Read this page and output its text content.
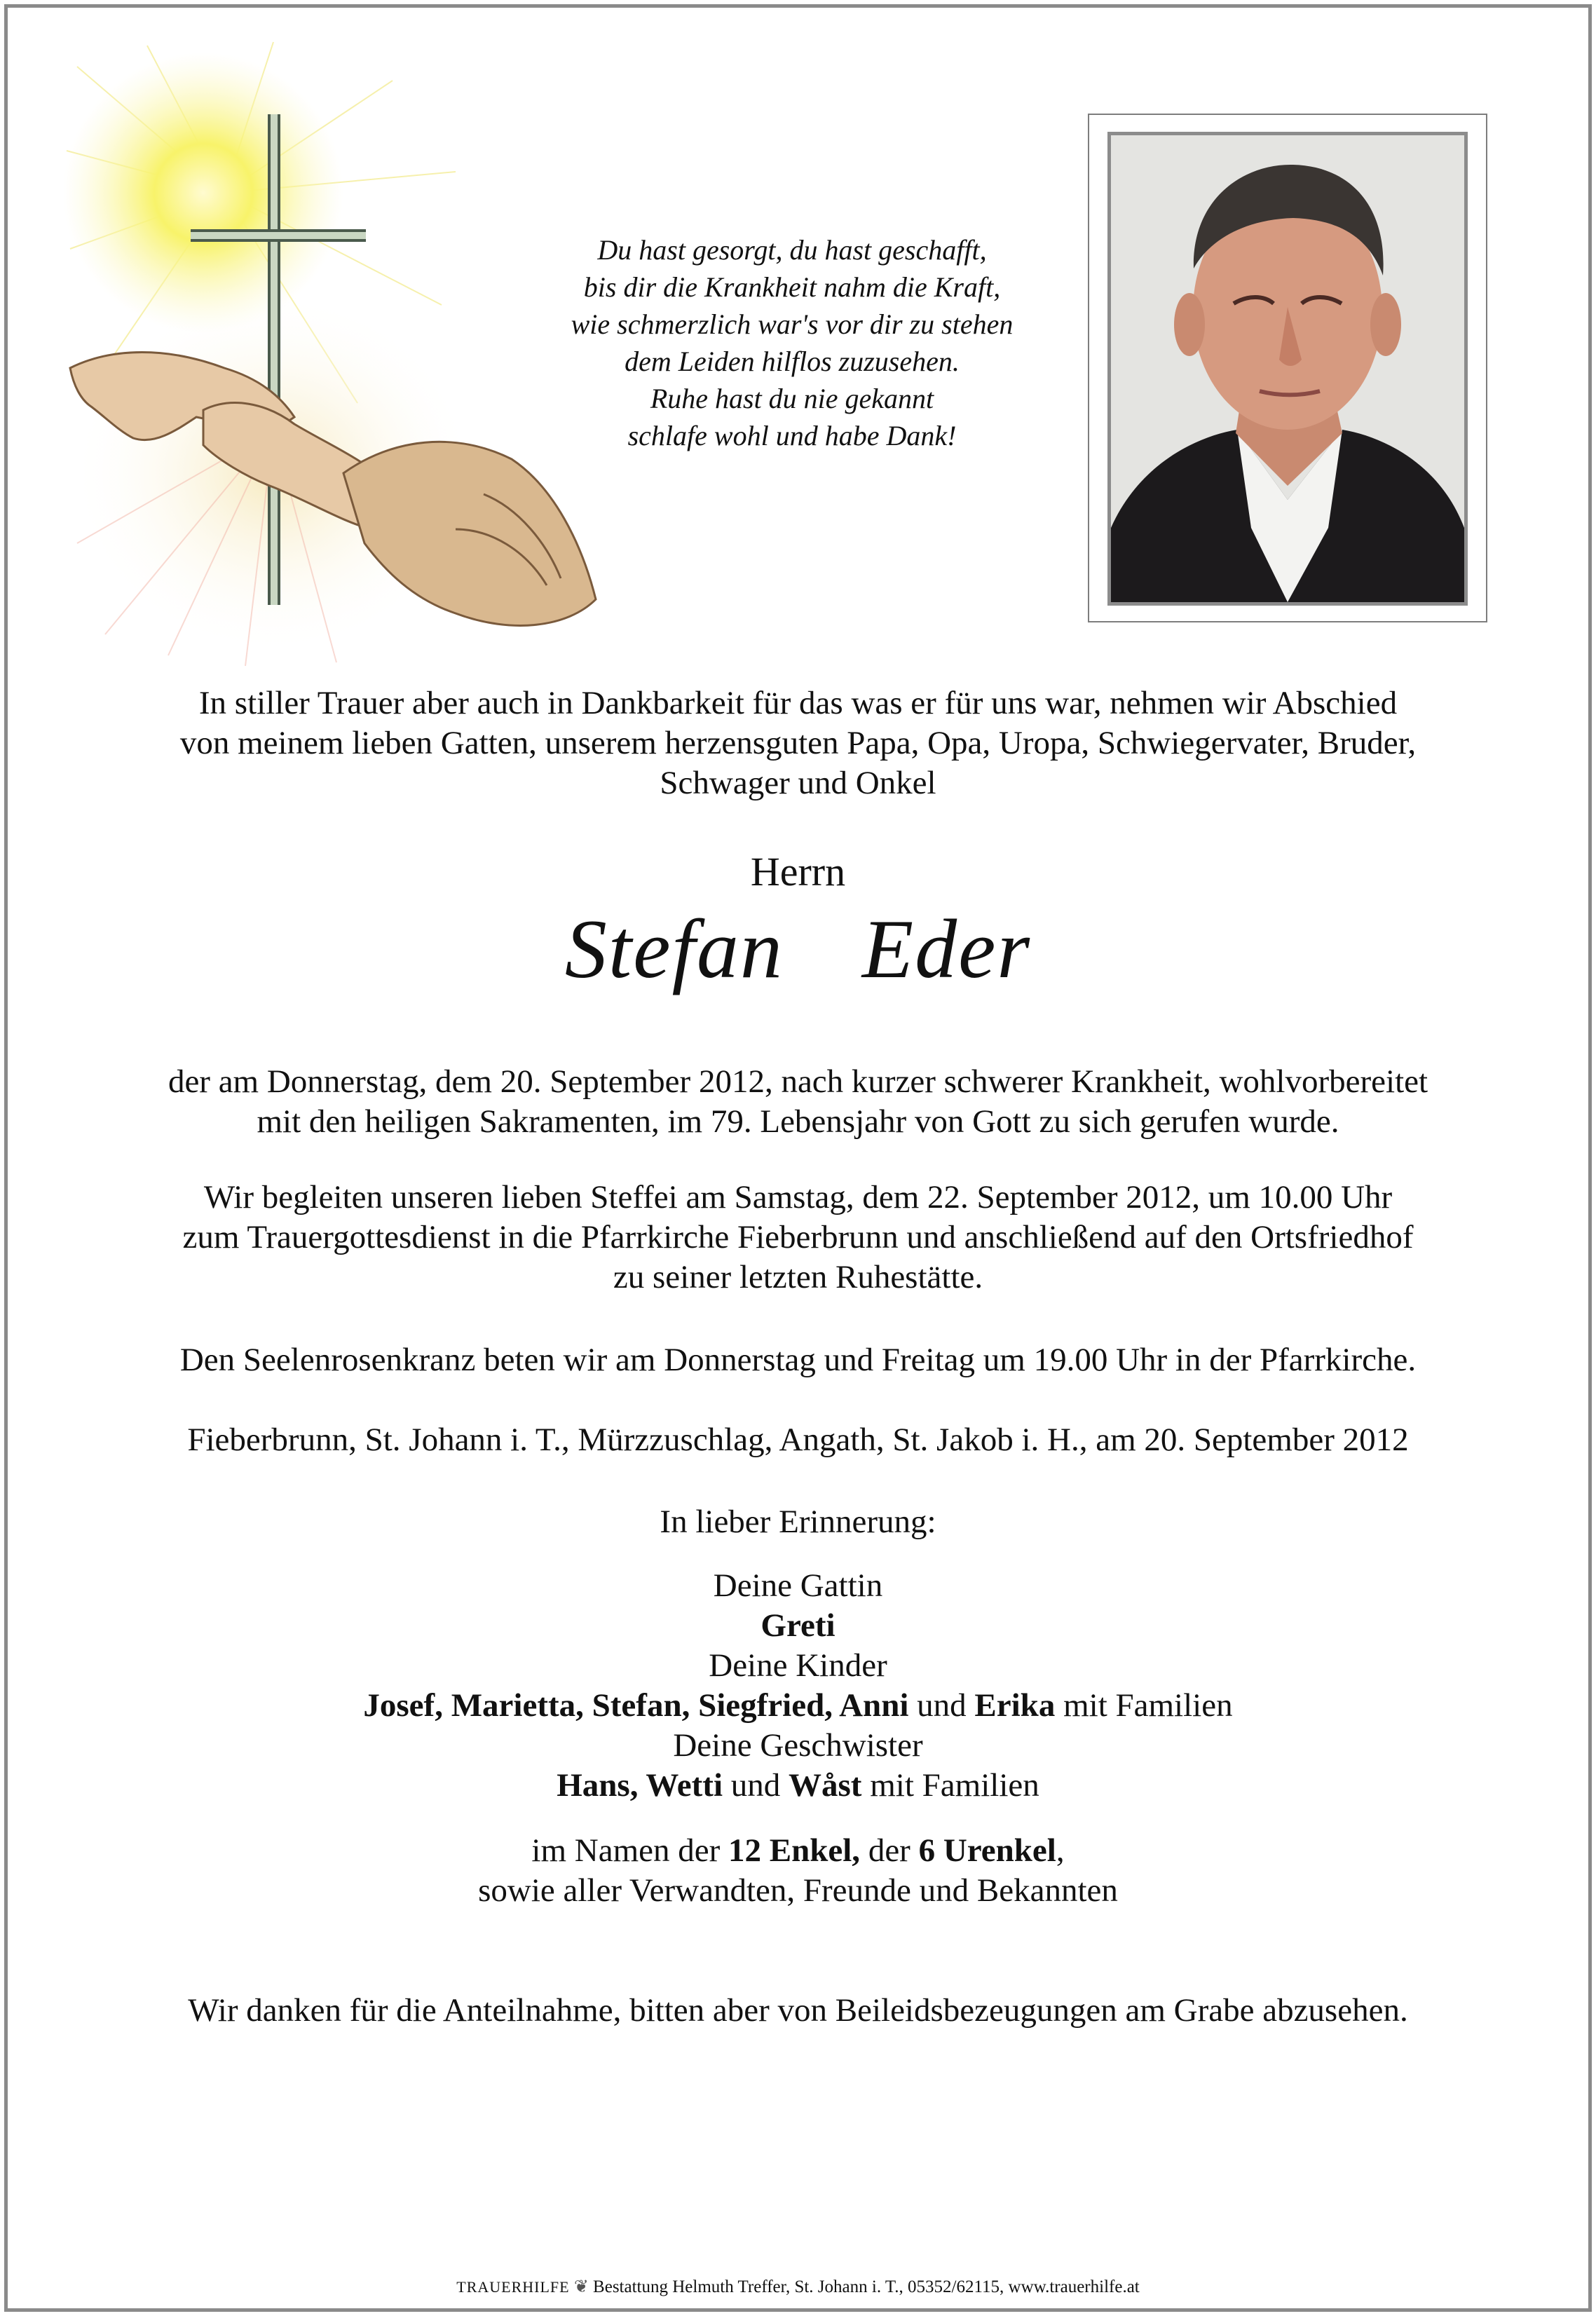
Du hast gesorgt, du hast geschafft,
bis dir die Krankheit nahm die Kraft,
wie schmerzlich war's vor dir zu stehen
dem Leiden hilflos zuzusehen.
Ruhe hast du nie gekannt
schlafe wohl und habe Dank!
In stiller Trauer aber auch in Dankbarkeit für das was er für uns war, nehmen wir Abschied
von meinem lieben Gatten, unserem herzensguten Papa, Opa, Uropa, Schwiegervater, Bruder,
Schwager und Onkel
Herrn
Stefan  Eder
der am Donnerstag, dem 20. September 2012, nach kurzer schwerer Krankheit, wohlvorbereitet
mit den heiligen Sakramenten, im 79. Lebensjahr von Gott zu sich gerufen wurde.
Wir begleiten unseren lieben Steffei am Samstag, dem 22. September 2012, um 10.00 Uhr
zum Trauergottesdienst in die Pfarrkirche Fieberbrunn und anschließend auf den Ortsfriedhof
zu seiner letzten Ruhestätte.
Den Seelenrosenkranz beten wir am Donnerstag und Freitag um 19.00 Uhr in der Pfarrkirche.
Fieberbrunn, St. Johann i. T., Mürzzuschlag, Angath, St. Jakob i. H., am 20. September 2012
In lieber Erinnerung:
Deine Gattin
Greti
Deine Kinder
Josef, Marietta, Stefan, Siegfried, Anni und Erika mit Familien
Deine Geschwister
Hans, Wetti und Wåst mit Familien
im Namen der 12 Enkel, der 6 Urenkel,
sowie aller Verwandten, Freunde und Bekannten
Wir danken für die Anteilnahme, bitten aber von Beileidsbezeugungen am Grabe abzusehen.
TRAUERHILFE ❦ Bestattung Helmuth Treffer, St. Johann i. T., 05352/62115, www.trauerhilfe.at
